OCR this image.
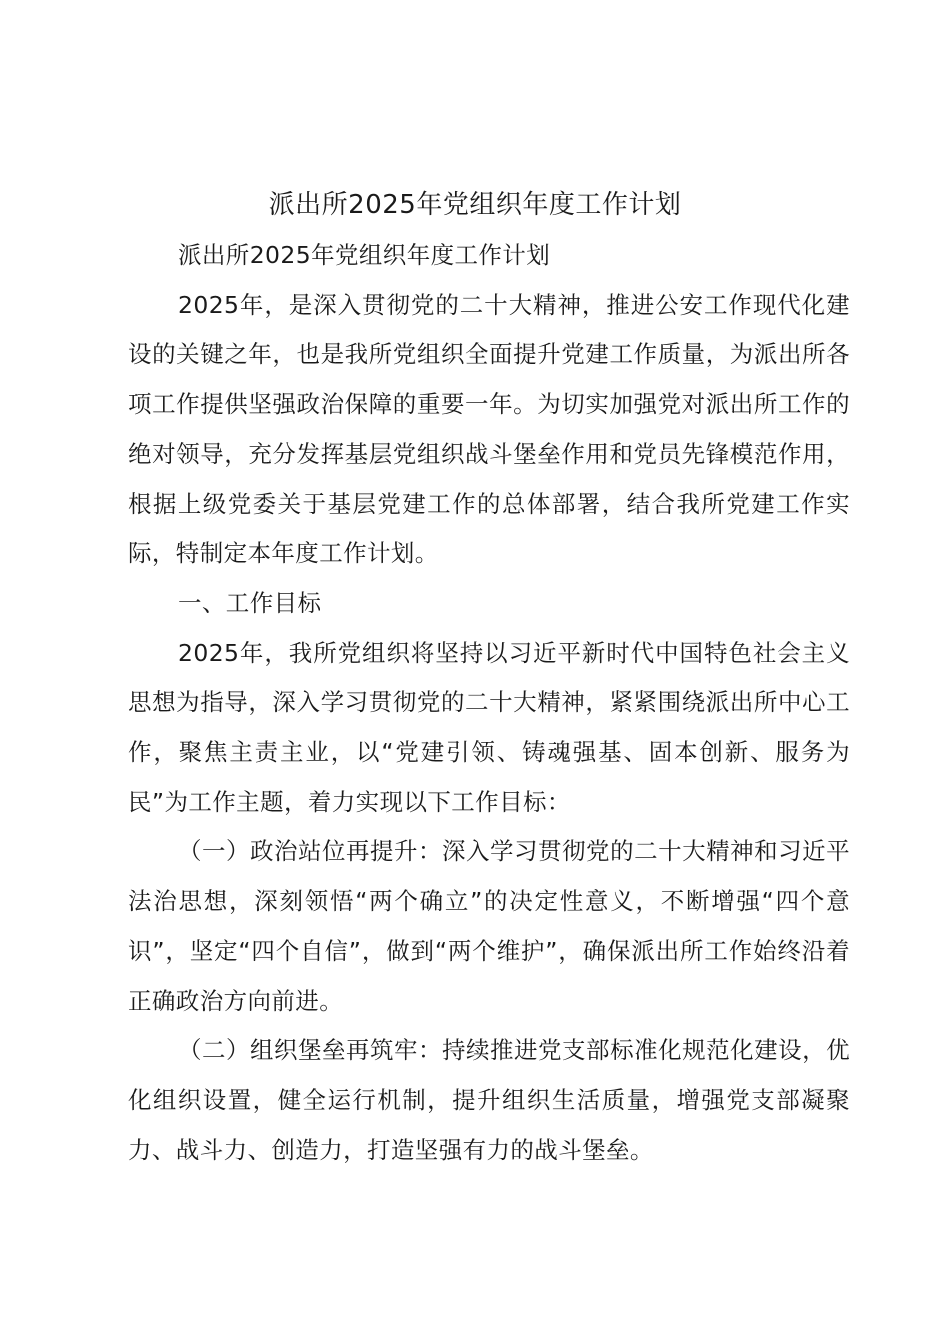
派出所2025年党组织年度工作计划

派出所2025年党组织年度工作计划

2025年，是深入贯彻党的二十大精神，推进公安工作现代化建设的关键之年，也是我所党组织全面提升党建工作质量，为派出所各项工作提供坚强政治保障的重要一年。为切实加强党对派出所工作的绝对领导，充分发挥基层党组织战斗堡垒作用和党员先锋模范作用，根据上级党委关于基层党建工作的总体部署，结合我所党建工作实际，特制定本年度工作计划。

一、工作目标

2025年，我所党组织将坚持以习近平新时代中国特色社会主义思想为指导，深入学习贯彻党的二十大精神，紧紧围绕派出所中心工作，聚焦主责主业，以“党建引领、铸魂强基、固本创新、服务为民”为工作主题，着力实现以下工作目标：

（一）政治站位再提升：深入学习贯彻党的二十大精神和习近平法治思想，深刻领悟“两个确立”的决定性意义，不断增强“四个意识”，坚定“四个自信”，做到“两个维护”，确保派出所工作始终沿着正确政治方向前进。

（二）组织堡垒再筑牢：持续推进党支部标准化规范化建设，优化组织设置，健全运行机制，提升组织生活质量，增强党支部凝聚力、战斗力、创造力，打造坚强有力的战斗堡垒。
